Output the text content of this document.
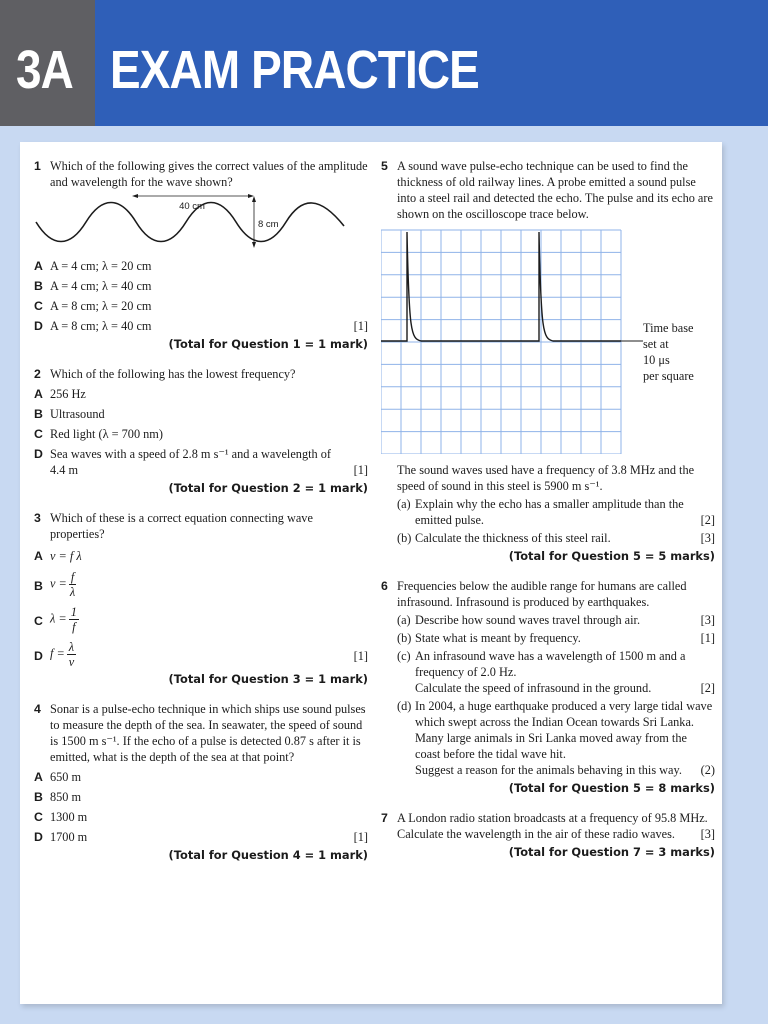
3A EXAM PRACTICE
1 Which of the following gives the correct values of the amplitude and wavelength for the wave shown?
40 cm
8 cm
A A = 4 cm; λ = 20 cm
B A = 4 cm; λ = 40 cm
C A = 8 cm; λ = 20 cm
D A = 8 cm; λ = 40 cm	[1]
(Total for Question 1 = 1 mark)
2 Which of the following has the lowest frequency?
A 256 Hz
B Ultrasound
C Red light (λ = 700 nm)
D Sea waves with a speed of 2.8 m s⁻¹ and a wavelength of 4.4 m	[1]
(Total for Question 2 = 1 mark)
3 Which of these is a correct equation connecting wave properties?
A v = f λ
B $v = \frac{f}{\lambda}$
C $\lambda = \frac{1}{f}$
D $f = \frac{\lambda}{v}$	[1]
(Total for Question 3 = 1 mark)
4 Sonar is a pulse-echo technique in which ships use sound pulses to measure the depth of the sea. In seawater, the speed of sound is 1500 m s⁻¹. If the echo of a pulse is detected 0.87 s after it is emitted, what is the depth of the sea at that point?
A 650 m
B 850 m
C 1300 m
D 1700 m	[1]
(Total for Question 4 = 1 mark)
5 A sound wave pulse-echo technique can be used to find the thickness of old railway lines. A probe emitted a sound pulse into a steel rail and detected the echo. The pulse and its echo are shown on the oscilloscope trace below.
Time base
set at
10 μs
per square
The sound waves used have a frequency of 3.8 MHz and the speed of sound in this steel is 5900 m s⁻¹.
(a) Explain why the echo has a smaller amplitude than the emitted pulse.	[2]
(b) Calculate the thickness of this steel rail.	[3]
(Total for Question 5 = 5 marks)
6 Frequencies below the audible range for humans are called infrasound. Infrasound is produced by earthquakes.
(a) Describe how sound waves travel through air.	[3]
(b) State what is meant by frequency.	[1]
(c) An infrasound wave has a wavelength of 1500 m and a frequency of 2.0 Hz.
Calculate the speed of infrasound in the ground.	[2]
(d) In 2004, a huge earthquake produced a very large tidal wave which swept across the Indian Ocean towards Sri Lanka. Many large animals in Sri Lanka moved away from the coast before the tidal wave hit.
Suggest a reason for the animals behaving in this way. (2)
(Total for Question 5 = 8 marks)
7 A London radio station broadcasts at a frequency of 95.8 MHz. Calculate the wavelength in the air of these radio waves. [3]
(Total for Question 7 = 3 marks)
